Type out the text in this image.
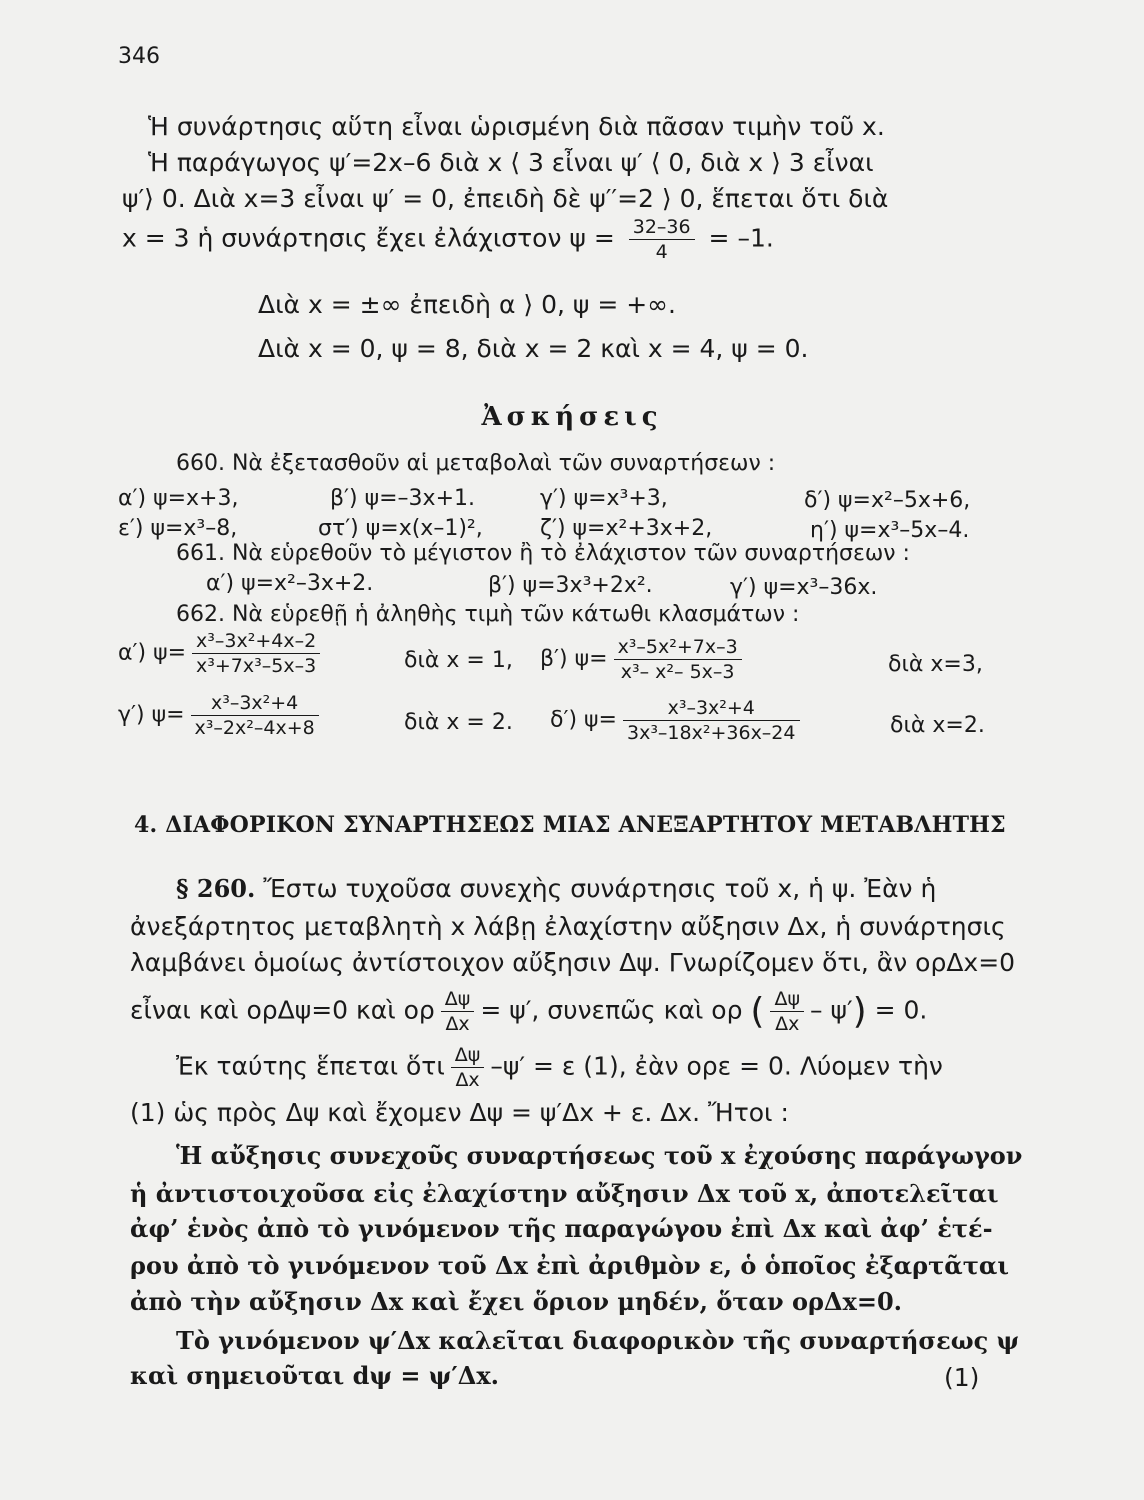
346
Ἡ συνάρτησις αὕτη εἶναι ὡρισμένη διὰ πᾶσαν τιμὴν τοῦ x.
Ἡ παράγωγος ψ′=2x–6 διὰ x ⟨ 3 εἶναι ψ′ ⟨ 0, διὰ x ⟩ 3 εἶναι
ψ′⟩ 0. Διὰ x=3 εἶναι ψ′ = 0, ἐπειδὴ δὲ ψ′′=2 ⟩ 0, ἕπεται ὅτι διὰ
x = 3 ἡ συνάρτησις ἔχει ἐλάχιστον $\psi = \frac{32-36}{4} = -1$.
Διὰ x = ±∞ ἐπειδὴ α ⟩ 0, ψ = +∞.
Διὰ x = 0, ψ = 8, διὰ x = 2 καὶ x = 4, ψ = 0.
Ἀσκήσεις
660. Νὰ ἐξετασθοῦν αἱ μεταβολαὶ τῶν συναρτήσεων :
α′) ψ=x+3,	β′) ψ=–3x+1.	γ′) ψ=x³+3,	δ′) ψ=x²–5x+6,
ε′) ψ=x³–8,	στ′) ψ=x(x–1)²,	ζ′) ψ=x²+3x+2,	η′) ψ=x³–5x–4.
661. Νὰ εὑρεθοῦν τὸ μέγιστον ἢ τὸ ἐλάχιστον τῶν συναρτήσεων :
α′) ψ=x²–3x+2.	β′) ψ=3x³+2x².	γ′) ψ=x³–36x.
662. Νὰ εὑρεθῇ ἡ ἀληθὴς τιμὴ τῶν κάτωθι κλασμάτων :
α′) $\psi= \frac{\text{x³–3x²+4x–2}}{\text{x³+7x³–5x–3}}$	διὰ x = 1, β′) $\psi= \frac{\text{x³–5x²+7x–3}}{\text{x³– x²– 5x–3}}$	διὰ x=3,
γ′) $\psi= \frac{\text{x³–3x²+4}}{\text{x³–2x²–4x+8}}$	διὰ x = 2. δ′) $\psi= \frac{\text{x³–3x²+4}}{\text{3x³–18x²+36x–24}}$	διὰ x=2.
4. ΔΙΑΦΟΡΙΚΟΝ ΣΥΝΑΡΤΗΣΕΩΣ ΜΙΑΣ ΑΝΕΞΑΡΤΗΤΟΥ ΜΕΤΑΒΛΗΤΗΣ
§ 260. Ἔστω τυχοῦσα συνεχὴς συνάρτησις τοῦ x, ἡ ψ. Ἐὰν ἡ
ἀνεξάρτητος μεταβλητὴ x λάβῃ ἐλαχίστην αὔξησιν Δx, ἡ συνάρτησις
λαμβάνει ὁμοίως ἀντίστοιχον αὔξησιν Δψ. Γνωρίζομεν ὅτι, ἂν ορΔx=0
εἶναι καὶ ορΔψ=0 καὶ ορ $\frac{\Delta\psi}{\Delta x} = \psi'$, συνεπῶς καὶ ορ ( $\frac{\Delta\psi}{\Delta x} - \psi') = 0$.
Ἐκ ταύτης ἕπεται ὅτι $\frac{\Delta\psi}{\Delta x} -\psi' = \varepsilon$ (1), ἐὰν ορε = 0. Λύομεν τὴν
(1) ὡς πρὸς Δψ καὶ ἔχομεν Δψ = ψ′Δx + ε. Δx. Ἤτοι :
Ἡ αὔξησις συνεχοῦς συναρτήσεως τοῦ x ἐχούσης παράγωγον
ἡ ἀντιστοιχοῦσα εἰς ἐλαχίστην αὔξησιν Δx τοῦ x, ἀποτελεῖται
ἀφ’ ἑνὸς ἀπὸ τὸ γινόμενον τῆς παραγώγου ἐπὶ Δx καὶ ἀφ’ ἑτέ-
ρου ἀπὸ τὸ γινόμενον τοῦ Δx ἐπὶ ἀριθμὸν ε, ὁ ὁποῖος ἐξαρτᾶται
ἀπὸ τὴν αὔξησιν Δx καὶ ἔχει ὅριον μηδέν, ὅταν ορΔx=0.
Τὸ γινόμενον ψ′Δx καλεῖται διαφορικὸν τῆς συναρτήσεως ψ
καὶ σημειοῦται dψ = ψ′Δx.	(1)
